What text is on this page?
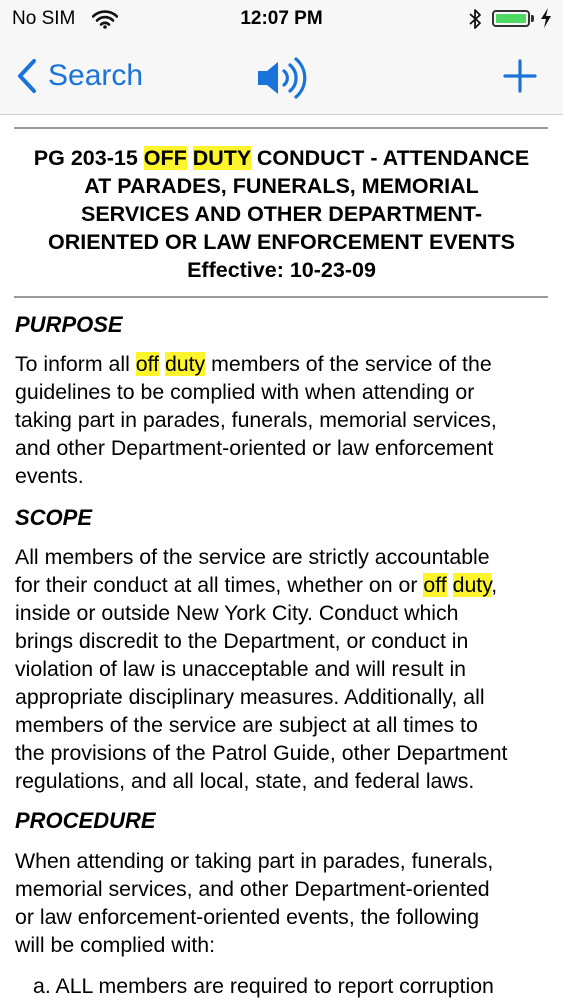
No SIM	12:07 PM
Search
PG 203-15 OFF DUTY CONDUCT - ATTENDANCE
AT PARADES, FUNERALS, MEMORIAL
SERVICES AND OTHER DEPARTMENT-
ORIENTED OR LAW ENFORCEMENT EVENTS
Effective: 10-23-09
PURPOSE
To inform all off duty members of the service of the
guidelines to be complied with when attending or
taking part in parades, funerals, memorial services,
and other Department-oriented or law enforcement
events.
SCOPE
All members of the service are strictly accountable
for their conduct at all times, whether on or off duty,
inside or outside New York City. Conduct which
brings discredit to the Department, or conduct in
violation of law is unacceptable and will result in
appropriate disciplinary measures. Additionally, all
members of the service are subject at all times to
the provisions of the Patrol Guide, other Department
regulations, and all local, state, and federal laws.
PROCEDURE
When attending or taking part in parades, funerals,
memorial services, and other Department-oriented
or law enforcement-oriented events, the following
will be complied with:
a. ALL members are required to report corruption
